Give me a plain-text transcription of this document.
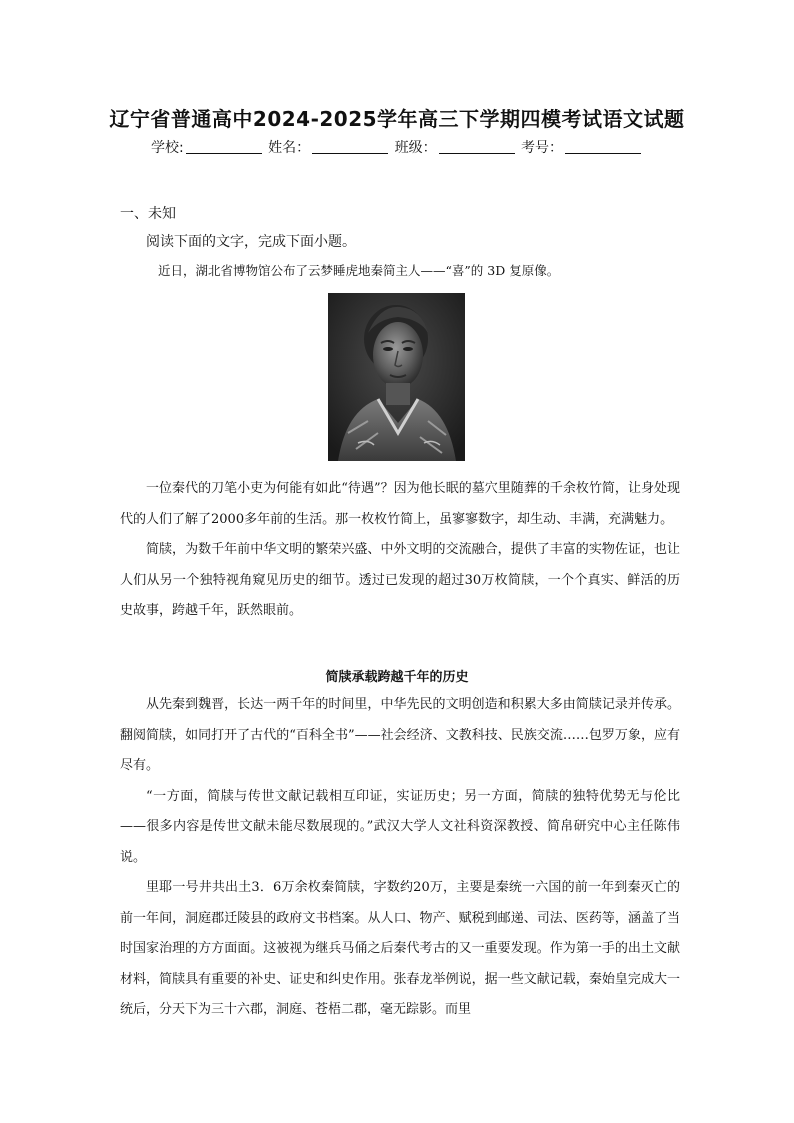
辽宁省普通高中2024-2025学年高三下学期四模考试语文试题
学校:	姓名：	班级：	考号：
一、未知
阅读下面的文字，完成下面小题。
近日，湖北省博物馆公布了云梦睡虎地秦简主人——“喜”的 3D 复原像。

一位秦代的刀笔小吏为何能有如此“待遇”？因为他长眠的墓穴里随葬的千余枚竹简，让身处现代的人们了解了2000多年前的生活。那一枚枚竹简上，虽寥寥数字，却生动、丰满，充满魅力。

简牍，为数千年前中华文明的繁荣兴盛、中外文明的交流融合，提供了丰富的实物佐证，也让人们从另一个独特视角窥见历史的细节。透过已发现的超过30万枚简牍，一个个真实、鲜活的历史故事，跨越千年，跃然眼前。

简牍承载跨越千年的历史

从先秦到魏晋，长达一两千年的时间里，中华先民的文明创造和积累大多由简牍记录并传承。翻阅简牍，如同打开了古代的“百科全书”——社会经济、文教科技、民族交流……包罗万象，应有尽有。

“一方面，简牍与传世文献记载相互印证，实证历史；另一方面，简牍的独特优势无与伦比——很多内容是传世文献未能尽数展现的。”武汉大学人文社科资深教授、简帛研究中心主任陈伟说。

里耶一号井共出土3．6万余枚秦简牍，字数约20万，主要是秦统一六国的前一年到秦灭亡的前一年间，洞庭郡迁陵县的政府文书档案。从人口、物产、赋税到邮递、司法、医药等，涵盖了当时国家治理的方方面面。这被视为继兵马俑之后秦代考古的又一重要发现。作为第一手的出土文献材料，简牍具有重要的补史、证史和纠史作用。张春龙举例说，据一些文献记载，秦始皇完成大一统后，分天下为三十六郡，洞庭、苍梧二郡，毫无踪影。而里
